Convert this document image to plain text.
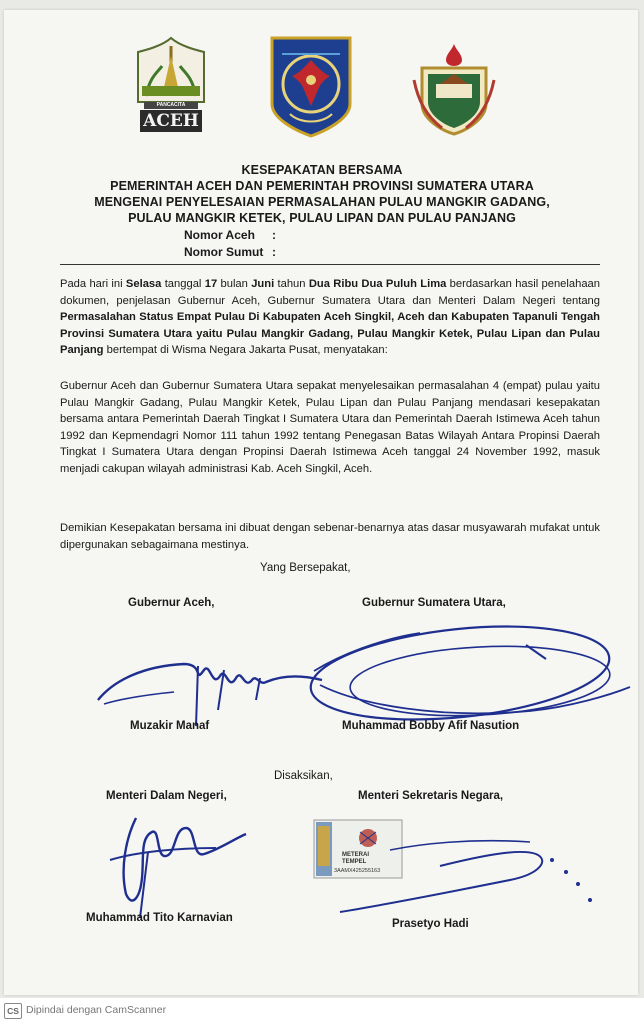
PANCACITA
ACEH
KESEPAKATAN BERSAMA
PEMERINTAH ACEH DAN PEMERINTAH PROVINSI SUMATERA UTARA
MENGENAI PENYELESAIAN PERMASALAHAN PULAU MANGKIR GADANG,
PULAU MANGKIR KETEK, PULAU LIPAN DAN PULAU PANJANG
Nomor Aceh :
Nomor Sumut :
Pada hari ini Selasa tanggal 17 bulan Juni tahun Dua Ribu Dua Puluh Lima berdasarkan hasil penelahaan dokumen, penjelasan Gubernur Aceh, Gubernur Sumatera Utara dan Menteri Dalam Negeri tentang Permasalahan Status Empat Pulau Di Kabupaten Aceh Singkil, Aceh dan Kabupaten Tapanuli Tengah Provinsi Sumatera Utara yaitu Pulau Mangkir Gadang, Pulau Mangkir Ketek, Pulau Lipan dan Pulau Panjang bertempat di Wisma Negara Jakarta Pusat, menyatakan:
Gubernur Aceh dan Gubernur Sumatera Utara sepakat menyelesaikan permasalahan 4 (empat) pulau yaitu Pulau Mangkir Gadang, Pulau Mangkir Ketek, Pulau Lipan dan Pulau Panjang mendasari kesepakatan bersama antara Pemerintah Daerah Tingkat I Sumatera Utara dan Pemerintah Daerah Istimewa Aceh tahun 1992 dan Kepmendagri Nomor 111 tahun 1992 tentang Penegasan Batas Wilayah Antara Propinsi Daerah Tingkat I Sumatera Utara dengan Propinsi Daerah Istimewa Aceh tanggal 24 November 1992, masuk menjadi cakupan wilayah administrasi Kab. Aceh Singkil, Aceh.
Demikian Kesepakatan bersama ini dibuat dengan sebenar-benarnya atas dasar musyawarah mufakat untuk dipergunakan sebagaimana mestinya.
Yang Bersepakat,
Gubernur Aceh,	Gubernur Sumatera Utara,
Muzakir Manaf	Muhammad Bobby Afif Nasution
Disaksikan,
Menteri Dalam Negeri,	Menteri Sekretaris Negara,
METERAI
TEMPEL
3AAMX425255163
Muhammad Tito Karnavian	Prasetyo Hadi
CS Dipindai dengan CamScanner
